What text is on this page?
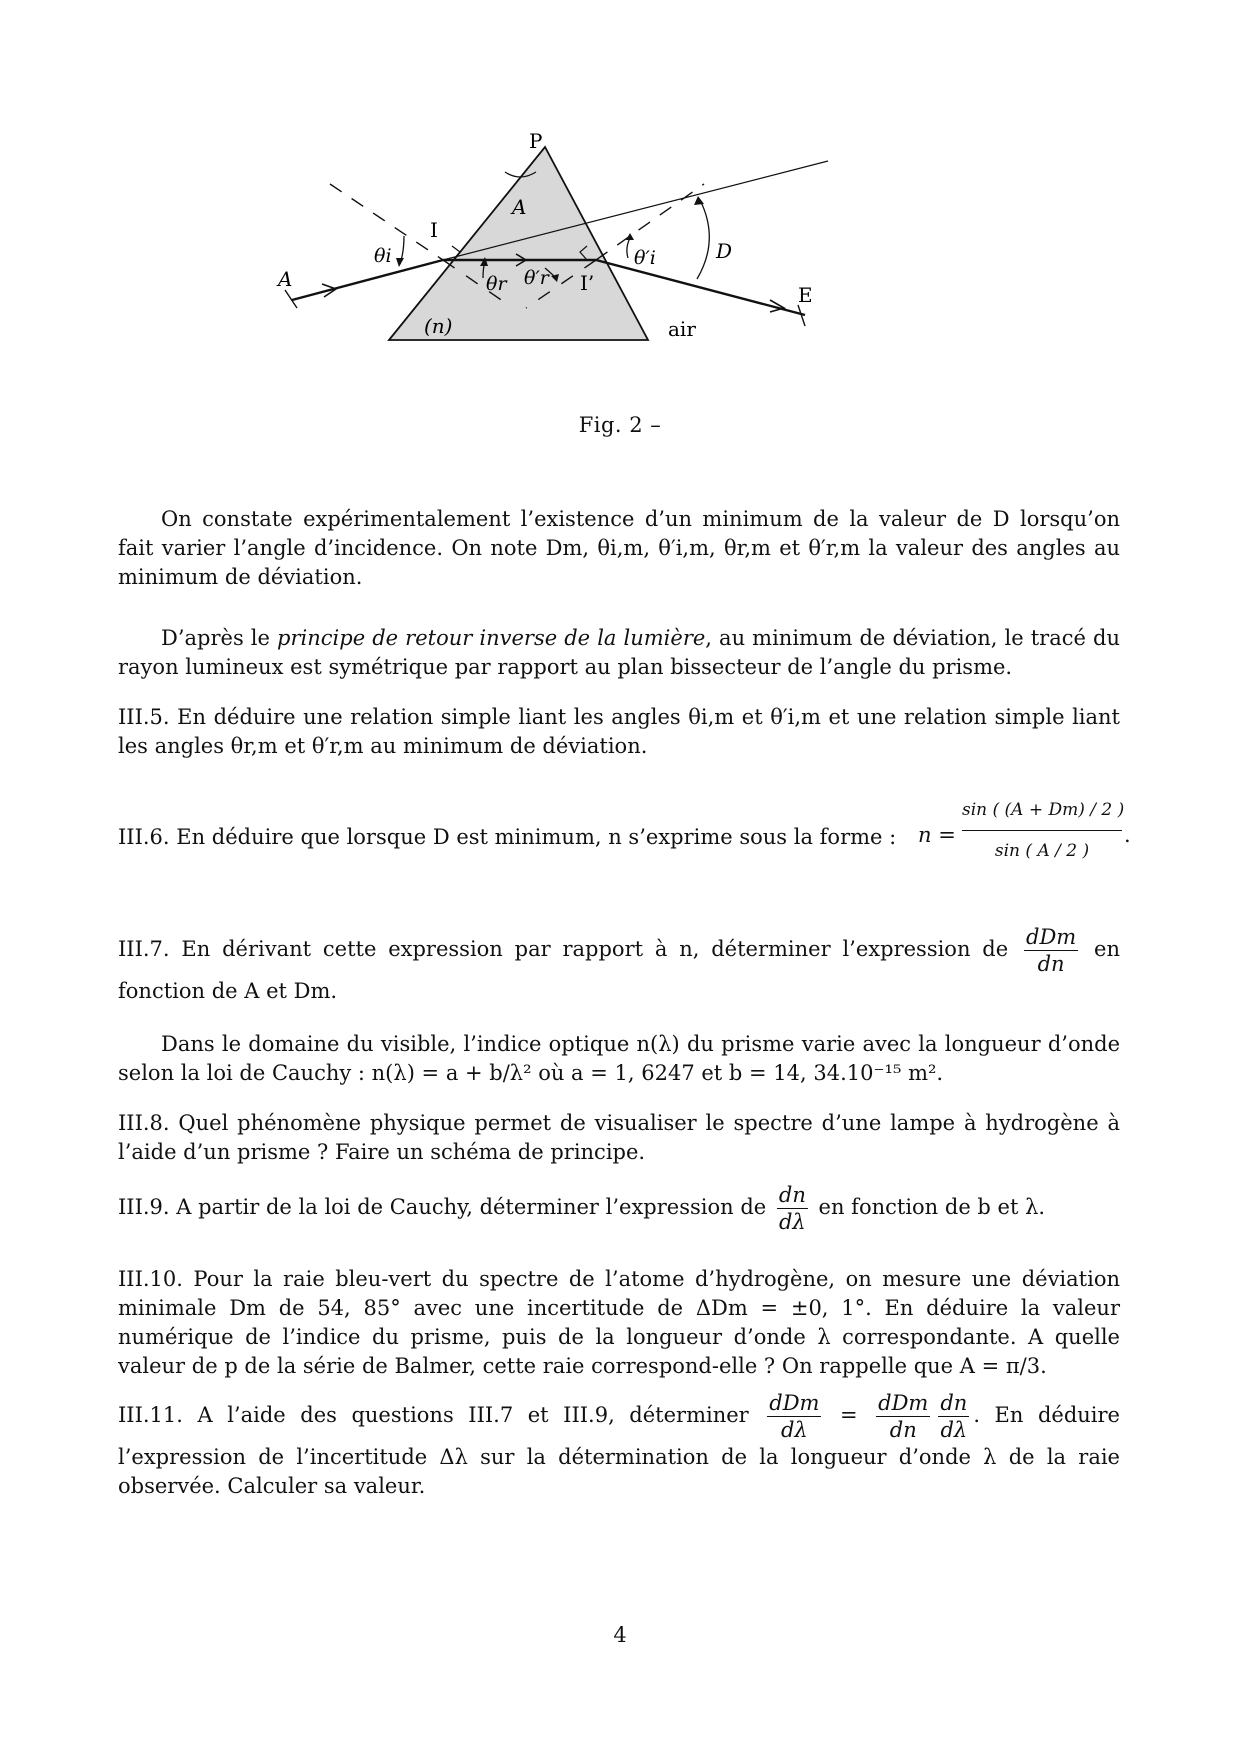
P
A
I
I’
A
E
(n)	air
D
θi
θr θ′r
θ′i
Fig. 2 –
On constate expérimentalement l’existence d’un minimum de la valeur de D lorsqu’on fait varier l’angle d’incidence. On note Dm, θi,m, θ′i,m, θr,m et θ′r,m la valeur des angles au minimum de déviation.
D’après le principe de retour inverse de la lumière, au minimum de déviation, le tracé du rayon lumineux est symétrique par rapport au plan bissecteur de l’angle du prisme.
III.5. En déduire une relation simple liant les angles θi,m et θ′i,m et une relation simple liant les angles θr,m et θ′r,m au minimum de déviation.
III.6. En déduire que lorsque D est minimum, n s’exprime sous la forme :	$n = \frac{\sin ( (A + Dm) / 2 )}{\sin ( A / 2 )}$ .
III.7. En dérivant cette expression par rapport à n, déterminer l’expression de $\frac{\text{dDm}}{dn}$ en fonction de A et Dm.
Dans le domaine du visible, l’indice optique n(λ) du prisme varie avec la longueur d’onde selon la loi de Cauchy : n(λ) = a + b/λ² où a = 1, 6247 et b = 14, 34.10⁻¹⁵ m².
III.8. Quel phénomène physique permet de visualiser le spectre d’une lampe à hydrogène à l’aide d’un prisme ? Faire un schéma de principe.
III.9. A partir de la loi de Cauchy, déterminer l’expression de $\frac{dn}{d\lambda}$ en fonction de b et λ.
III.10. Pour la raie bleu-vert du spectre de l’atome d’hydrogène, on mesure une déviation minimale Dm de 54, 85° avec une incertitude de ΔDm = ±0, 1°. En déduire la valeur numérique de l’indice du prisme, puis de la longueur d’onde λ correspondante. A quelle valeur de p de la série de Balmer, cette raie correspond-elle ? On rappelle que A = π/3.
III.11. A l’aide des questions III.7 et III.9, déterminer $\frac{\text{dDm}}{d\lambda} = \frac{\text{dDm}}{dn} \frac{dn}{d\lambda}$ . En déduire l’expression de l’incertitude Δλ sur la détermination de la longueur d’onde λ de la raie observée. Calculer sa valeur.
4
